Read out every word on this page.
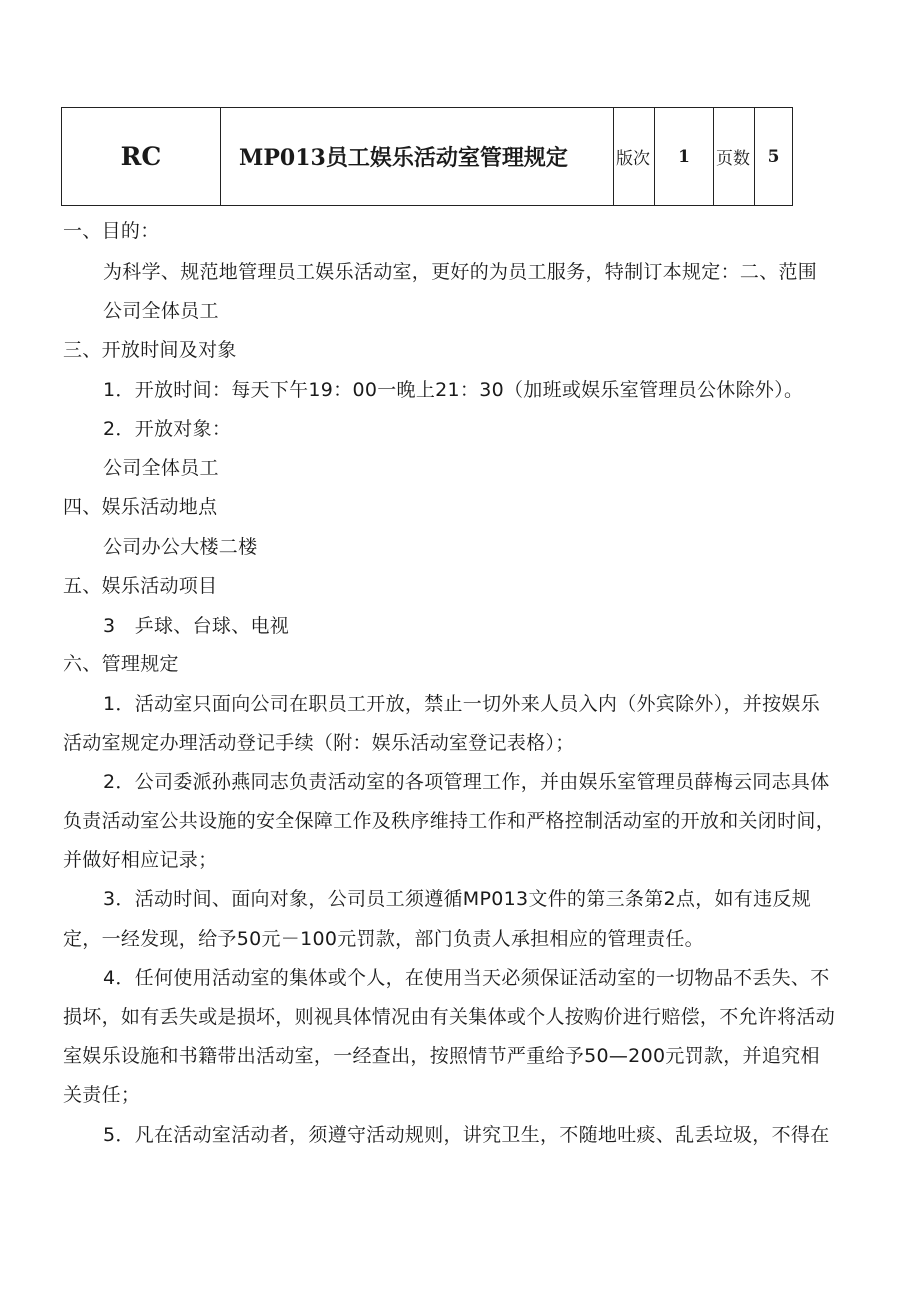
RC	MP013员工娱乐活动室管理规定	版次	1	页数	5
一、目的：
为科学、规范地管理员工娱乐活动室，更好的为员工服务，特制订本规定：二、范围
公司全体员工
三、开放时间及对象
1．开放时间：每天下午19：00一晚上21：30（加班或娱乐室管理员公休除外）。
2．开放对象：
公司全体员工
四、娱乐活动地点
公司办公大楼二楼
五、娱乐活动项目
3　乒球、台球、电视
六、管理规定
1．活动室只面向公司在职员工开放，禁止一切外来人员入内（外宾除外），并按娱乐
活动室规定办理活动登记手续（附：娱乐活动室登记表格）；
2．公司委派孙燕同志负责活动室的各项管理工作，并由娱乐室管理员薛梅云同志具体
负责活动室公共设施的安全保障工作及秩序维持工作和严格控制活动室的开放和关闭时间，
并做好相应记录；
3．活动时间、面向对象，公司员工须遵循MP013文件的第三条第2点，如有违反规
定，一经发现，给予50元－100元罚款，部门负责人承担相应的管理责任。
4．任何使用活动室的集体或个人，在使用当天必须保证活动室的一切物品不丢失、不
损坏，如有丢失或是损坏，则视具体情况由有关集体或个人按购价进行赔偿，不允许将活动
室娱乐设施和书籍带出活动室，一经查出，按照情节严重给予50—200元罚款，并追究相
关责任；
5．凡在活动室活动者，须遵守活动规则，讲究卫生，不随地吐痰、乱丢垃圾，不得在
